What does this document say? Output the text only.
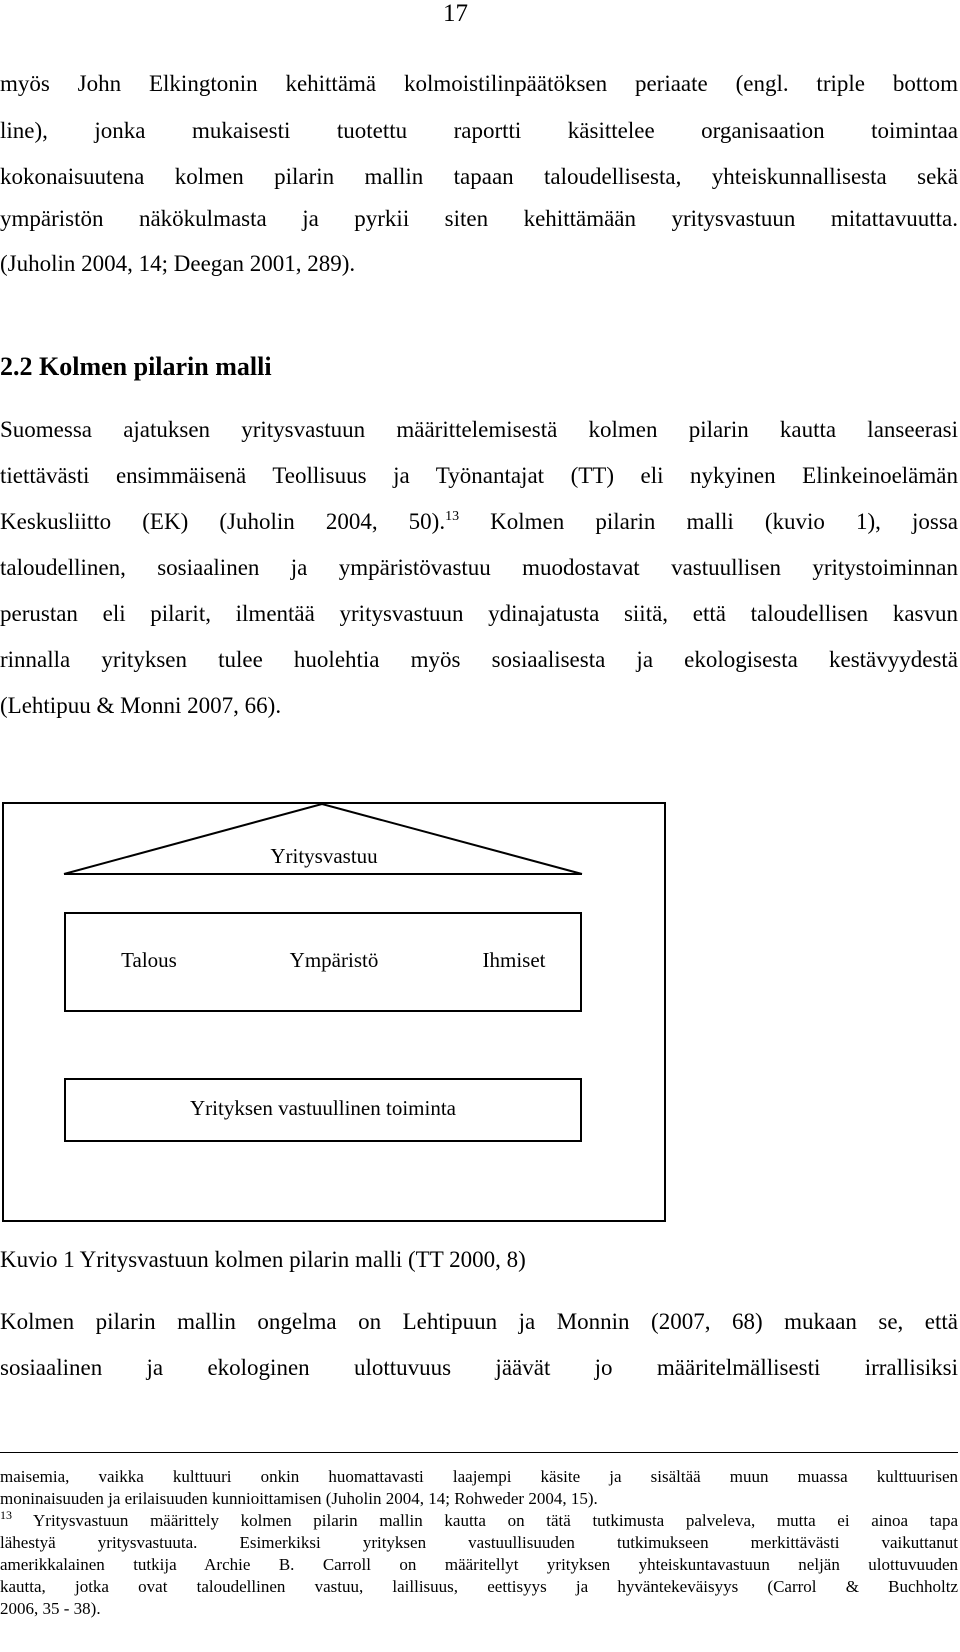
17
myös John Elkingtonin kehittämä kolmoistilinpäätöksen periaate (engl. triple bottom
line), jonka mukaisesti tuotettu raportti käsittelee organisaation toimintaa
kokonaisuutena kolmen pilarin mallin tapaan taloudellisesta, yhteiskunnallisesta sekä
ympäristön näkökulmasta ja pyrkii siten kehittämään yritysvastuun mitattavuutta.
(Juholin 2004, 14; Deegan 2001, 289).
2.2 Kolmen pilarin malli
Suomessa ajatuksen yritysvastuun määrittelemisestä kolmen pilarin kautta lanseerasi
tiettävästi ensimmäisenä Teollisuus ja Työnantajat (TT) eli nykyinen Elinkeinoelämän
Keskusliitto (EK) (Juholin 2004, 50).$^{13}$ Kolmen pilarin malli (kuvio 1), jossa
taloudellinen, sosiaalinen ja ympäristövastuu muodostavat vastuullisen yritystoiminnan
perustan eli pilarit, ilmentää yritysvastuun ydinajatusta siitä, että taloudellisen kasvun
rinnalla yrityksen tulee huolehtia myös sosiaalisesta ja ekologisesta kestävyydestä
(Lehtipuu & Monni 2007, 66).
Yritysvastuu
Talous	Ympäristö	Ihmiset
Yrityksen vastuullinen toiminta
Kuvio 1 Yritysvastuun kolmen pilarin malli (TT 2000, 8)
Kolmen pilarin mallin ongelma on Lehtipuun ja Monnin (2007, 68) mukaan se, että
sosiaalinen ja ekologinen ulottuvuus jäävät jo määritelmällisesti irrallisiksi
maisemia, vaikka kulttuuri onkin huomattavasti laajempi käsite ja sisältää muun muassa kulttuurisen
moninaisuuden ja erilaisuuden kunnioittamisen (Juholin 2004, 14; Rohweder 2004, 15).
$^{13}$ Yritysvastuun määrittely kolmen pilarin mallin kautta on tätä tutkimusta palveleva, mutta ei ainoa tapa
lähestyä yritysvastuuta. Esimerkiksi yrityksen vastuullisuuden tutkimukseen merkittävästi vaikuttanut
amerikkalainen tutkija Archie B. Carroll on määritellyt yrityksen yhteiskuntavastuun neljän ulottuvuuden
kautta, jotka ovat taloudellinen vastuu, laillisuus, eettisyys ja hyväntekeväisyys (Carrol & Buchholtz
2006, 35 - 38).
